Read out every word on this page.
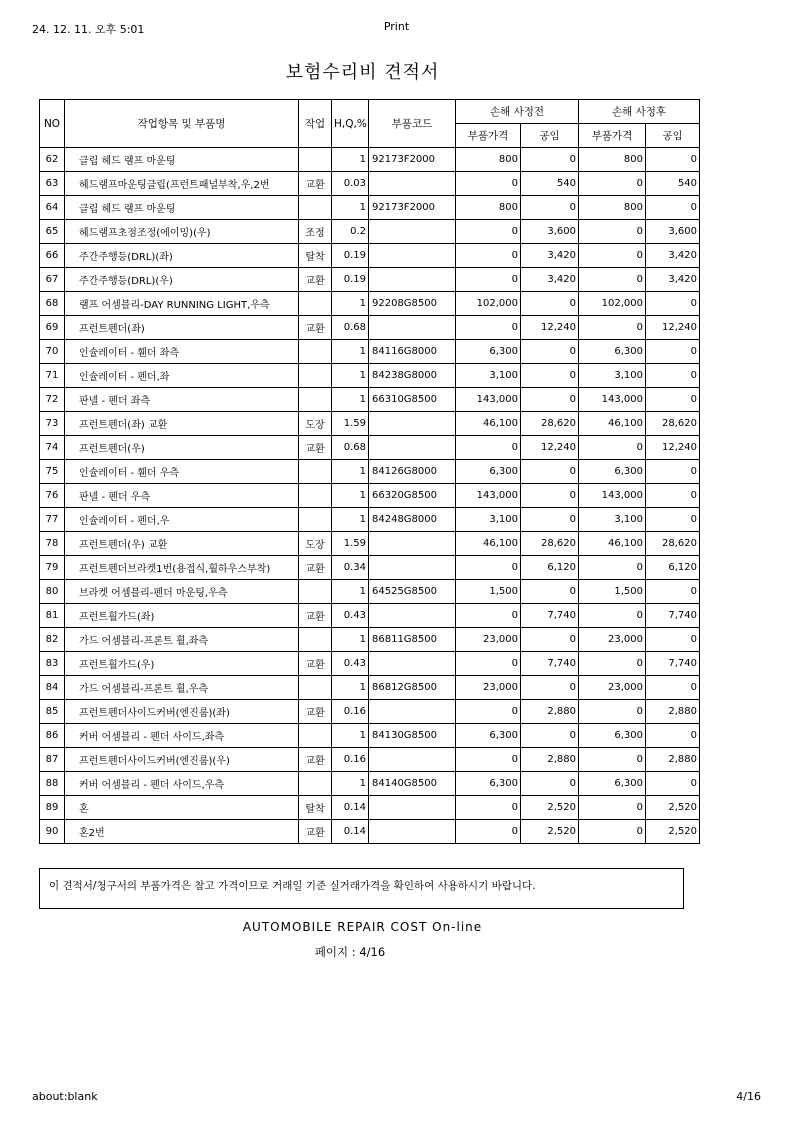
24. 12. 11. 오후 5:01	Print
보험수리비 견적서
NO	작업항목 및 부품명	작업	H,Q,%	부품코드	손해 사정전		손해 사정후	
					부품가격	공임	부품가격	공임
62	클립 헤드 램프 마운팅		1	92173F2000	800	0	800	0
63	헤드램프마운팅클립(프런트패널부착,우,2번	교환	0.03		0	540	0	540
64	클립 헤드 램프 마운팅		1	92173F2000	800	0	800	0
65	헤드램프초점조정(에이밍)(우)	조정	0.2		0	3,600	0	3,600
66	주간주행등(DRL)(좌)	탈착	0.19		0	3,420	0	3,420
67	주간주행등(DRL)(우)	교환	0.19		0	3,420	0	3,420
68	램프 어셈블리-DAY RUNNING LIGHT,우측		1	92208G8500	102,000	0	102,000	0
69	프런트펜더(좌)	교환	0.68		0	12,240	0	12,240
70	인슐레이터 - 휀더 좌측		1	84116G8000	6,300	0	6,300	0
71	인슐레이터 - 펜더,좌		1	84238G8000	3,100	0	3,100	0
72	판넬 - 펜더 좌측		1	66310G8500	143,000	0	143,000	0
73	프런트펜더(좌) 교환	도장	1.59		46,100	28,620	46,100	28,620
74	프런트펜더(우)	교환	0.68		0	12,240	0	12,240
75	인슐레이터 - 휀더 우측		1	84126G8000	6,300	0	6,300	0
76	판넬 - 펜더 우측		1	66320G8500	143,000	0	143,000	0
77	인슐레이터 - 펜더,우		1	84248G8000	3,100	0	3,100	0
78	프런트펜더(우) 교환	도장	1.59		46,100	28,620	46,100	28,620
79	프런트펜더브라켓1번(용접식,휠하우스부착)	교환	0.34		0	6,120	0	6,120
80	브라켓 어셈블리-펜더 마운팅,우측		1	64525G8500	1,500	0	1,500	0
81	프런트휠가드(좌)	교환	0.43		0	7,740	0	7,740
82	가드 어셈블리-프론트 휠,좌측		1	86811G8500	23,000	0	23,000	0
83	프런트휠가드(우)	교환	0.43		0	7,740	0	7,740
84	가드 어셈블리-프론트 휠,우측		1	86812G8500	23,000	0	23,000	0
85	프런트펜더사이드커버(엔진룸)(좌)	교환	0.16		0	2,880	0	2,880
86	커버 어셈블리 - 펜더 사이드,좌측		1	84130G8500	6,300	0	6,300	0
87	프런트펜더사이드커버(엔진룸)(우)	교환	0.16		0	2,880	0	2,880
88	커버 어셈블리 - 펜더 사이드,우측		1	84140G8500	6,300	0	6,300	0
89	혼	탈착	0.14		0	2,520	0	2,520
90	혼2번	교환	0.14		0	2,520	0	2,520
이 견적서/청구서의 부품가격은 참고 가격이므로 거래일 기준 실거래가격을 확인하여 사용하시기 바랍니다.
AUTOMOBILE REPAIR COST On-line
페이지 : 4/16
about:blank	4/16
